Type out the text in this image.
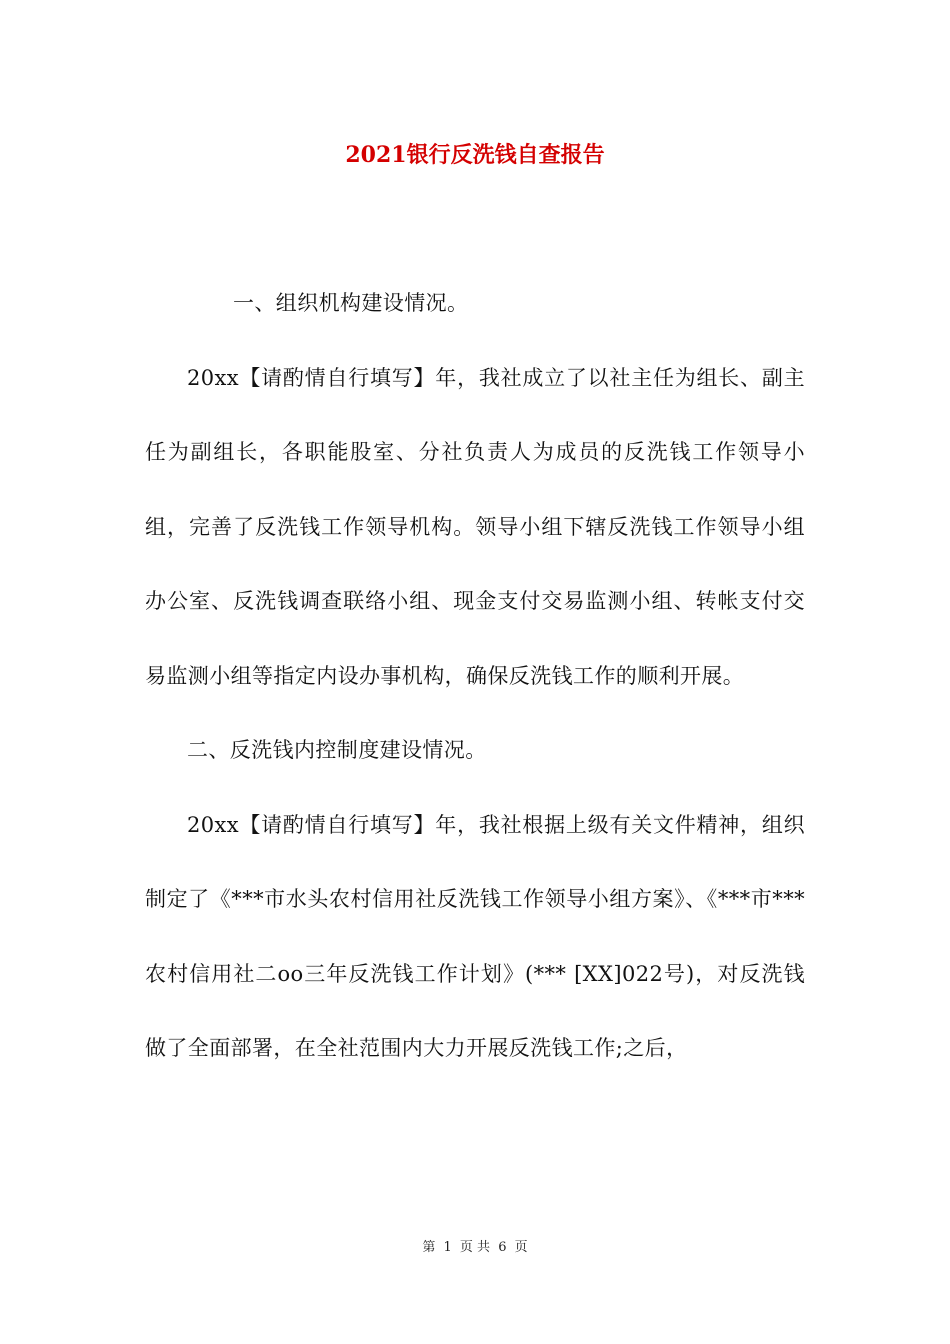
2021银行反洗钱自查报告

一、组织机构建设情况。

20xx【请酌情自行填写】年，我社成立了以社主任为组长、副主任为副组长，各职能股室、分社负责人为成员的反洗钱工作领导小组，完善了反洗钱工作领导机构。领导小组下辖反洗钱工作领导小组办公室、反洗钱调查联络小组、现金支付交易监测小组、转帐支付交易监测小组等指定内设办事机构，确保反洗钱工作的顺利开展。

二、反洗钱内控制度建设情况。

20xx【请酌情自行填写】年，我社根据上级有关文件精神，组织制定了《***市水头农村信用社反洗钱工作领导小组方案》、《***市***农村信用社二oo三年反洗钱工作计划》(*** [XX]022号)，对反洗钱做了全面部署，在全社范围内大力开展反洗钱工作;之后，

第 1 页 共 6 页
